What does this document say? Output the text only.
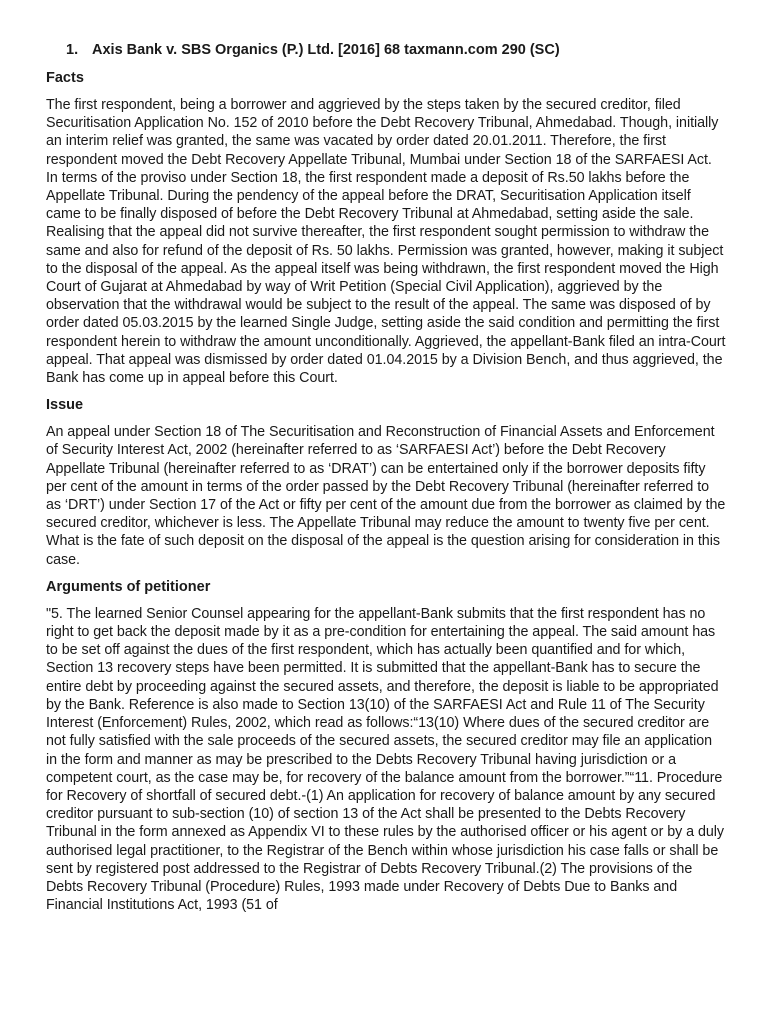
1. Axis Bank v. SBS Organics (P.) Ltd. [2016] 68 taxmann.com 290 (SC)
Facts

The first respondent, being a borrower and aggrieved by the steps taken by the secured creditor, filed Securitisation Application No. 152 of 2010 before the Debt Recovery Tribunal, Ahmedabad. Though, initially an interim relief was granted, the same was vacated by order dated 20.01.2011. Therefore, the first respondent moved the Debt Recovery Appellate Tribunal, Mumbai under Section 18 of the SARFAESI Act. In terms of the proviso under Section 18, the first respondent made a deposit of Rs.50 lakhs before the Appellate Tribunal. During the pendency of the appeal before the DRAT, Securitisation Application itself came to be finally disposed of before the Debt Recovery Tribunal at Ahmedabad, setting aside the sale. Realising that the appeal did not survive thereafter, the first respondent sought permission to withdraw the same and also for refund of the deposit of Rs. 50 lakhs. Permission was granted, however, making it subject to the disposal of the appeal. As the appeal itself was being withdrawn, the first respondent moved the High Court of Gujarat at Ahmedabad by way of Writ Petition (Special Civil Application), aggrieved by the observation that the withdrawal would be subject to the result of the appeal. The same was disposed of by order dated 05.03.2015 by the learned Single Judge, setting aside the said condition and permitting the first respondent herein to withdraw the amount unconditionally. Aggrieved, the appellant-Bank filed an intra-Court appeal. That appeal was dismissed by order dated 01.04.2015 by a Division Bench, and thus aggrieved, the Bank has come up in appeal before this Court.

Issue

An appeal under Section 18 of The Securitisation and Reconstruction of Financial Assets and Enforcement of Security Interest Act, 2002 (hereinafter referred to as ‘SARFAESI Act’) before the Debt Recovery Appellate Tribunal (hereinafter referred to as ‘DRAT’) can be entertained only if the borrower deposits fifty per cent of the amount in terms of the order passed by the Debt Recovery Tribunal (hereinafter referred to as ‘DRT’) under Section 17 of the Act or fifty per cent of the amount due from the borrower as claimed by the secured creditor, whichever is less. The Appellate Tribunal may reduce the amount to twenty five per cent. What is the fate of such deposit on the disposal of the appeal is the question arising for consideration in this case.

Arguments of petitioner

"5. The learned Senior Counsel appearing for the appellant-Bank submits that the first respondent has no right to get back the deposit made by it as a pre-condition for entertaining the appeal. The said amount has to be set off against the dues of the first respondent, which has actually been quantified and for which, Section 13 recovery steps have been permitted. It is submitted that the appellant-Bank has to secure the entire debt by proceeding against the secured assets, and therefore, the deposit is liable to be appropriated by the Bank. Reference is also made to Section 13(10) of the SARFAESI Act and Rule 11 of The Security Interest (Enforcement) Rules, 2002, which read as follows:“13(10) Where dues of the secured creditor are not fully satisfied with the sale proceeds of the secured assets, the secured creditor may file an application in the form and manner as may be prescribed to the Debts Recovery Tribunal having jurisdiction or a competent court, as the case may be, for recovery of the balance amount from the borrower.”“11. Procedure for Recovery of shortfall of secured debt.-(1) An application for recovery of balance amount by any secured creditor pursuant to sub-section (10) of section 13 of the Act shall be presented to the Debts Recovery Tribunal in the form annexed as Appendix VI to these rules by the authorised officer or his agent or by a duly authorised legal practitioner, to the Registrar of the Bench within whose jurisdiction his case falls or shall be sent by registered post addressed to the Registrar of Debts Recovery Tribunal.(2) The provisions of the Debts Recovery Tribunal (Procedure) Rules, 1993 made under Recovery of Debts Due to Banks and Financial Institutions Act, 1993 (51 of
